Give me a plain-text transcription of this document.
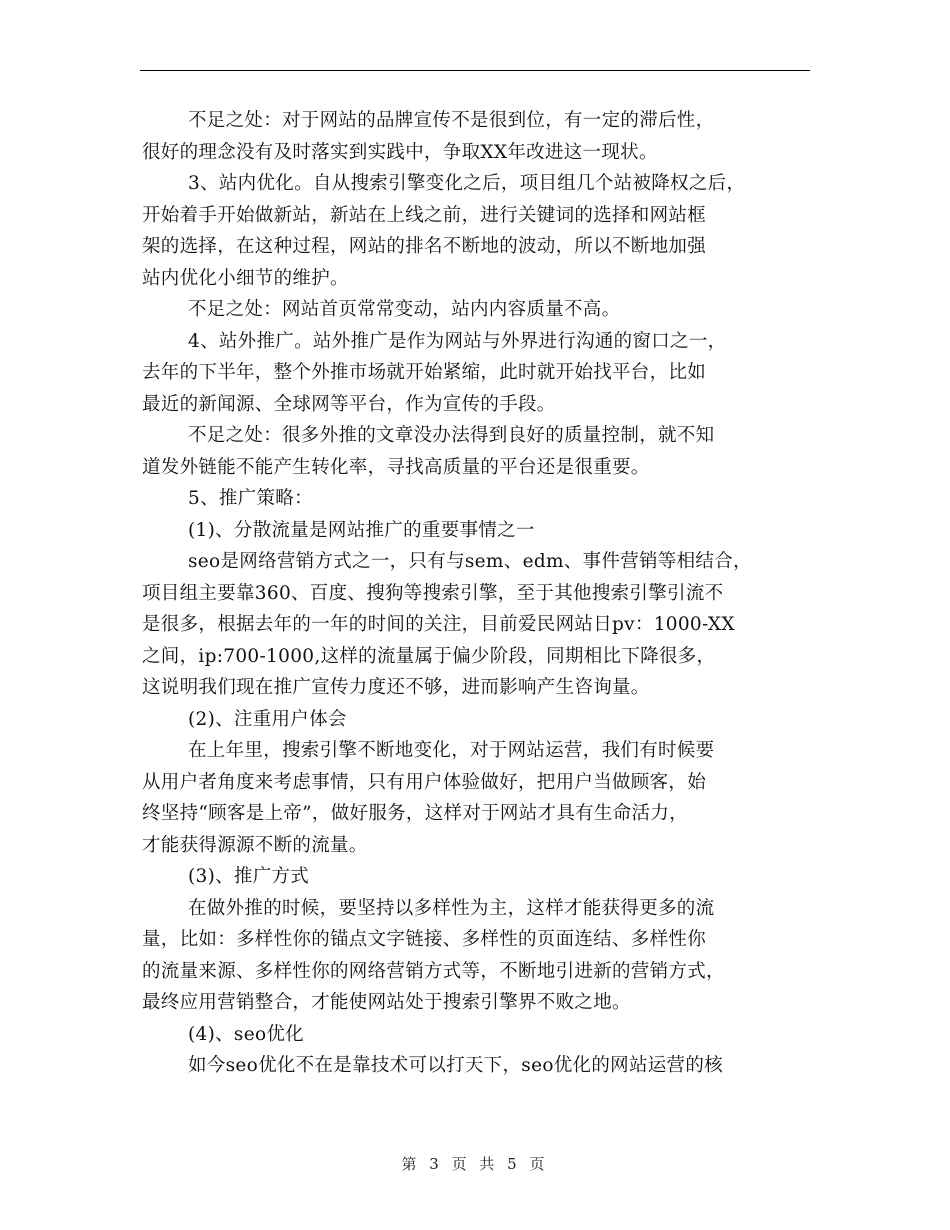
不足之处：对于网站的品牌宣传不是很到位，有一定的滞后性，
很好的理念没有及时落实到实践中，争取XX年改进这一现状。
3、站内优化。自从搜索引擎变化之后，项目组几个站被降权之后，
开始着手开始做新站，新站在上线之前，进行关键词的选择和网站框
架的选择，在这种过程，网站的排名不断地的波动，所以不断地加强
站内优化小细节的维护。
不足之处：网站首页常常变动，站内内容质量不高。
4、站外推广。站外推广是作为网站与外界进行沟通的窗口之一，
去年的下半年，整个外推市场就开始紧缩，此时就开始找平台，比如
最近的新闻源、全球网等平台，作为宣传的手段。
不足之处：很多外推的文章没办法得到良好的质量控制，就不知
道发外链能不能产生转化率，寻找高质量的平台还是很重要。
5、推广策略：
(1)、分散流量是网站推广的重要事情之一
seo是网络营销方式之一，只有与sem、edm、事件营销等相结合，
项目组主要靠360、百度、搜狗等搜索引擎，至于其他搜索引擎引流不
是很多，根据去年的一年的时间的关注，目前爱民网站日pv：1000-XX
之间，ip:700-1000,这样的流量属于偏少阶段，同期相比下降很多，
这说明我们现在推广宣传力度还不够，进而影响产生咨询量。
(2)、注重用户体会
在上年里，搜索引擎不断地变化，对于网站运营，我们有时候要
从用户者角度来考虑事情，只有用户体验做好，把用户当做顾客，始
终坚持“顾客是上帝”，做好服务，这样对于网站才具有生命活力，
才能获得源源不断的流量。
(3)、推广方式
在做外推的时候，要坚持以多样性为主，这样才能获得更多的流
量，比如：多样性你的锚点文字链接、多样性的页面连结、多样性你
的流量来源、多样性你的网络营销方式等，不断地引进新的营销方式，
最终应用营销整合，才能使网站处于搜索引擎界不败之地。
(4)、seo优化
如今seo优化不在是靠技术可以打天下，seo优化的网站运营的核
第 3 页 共 5 页
